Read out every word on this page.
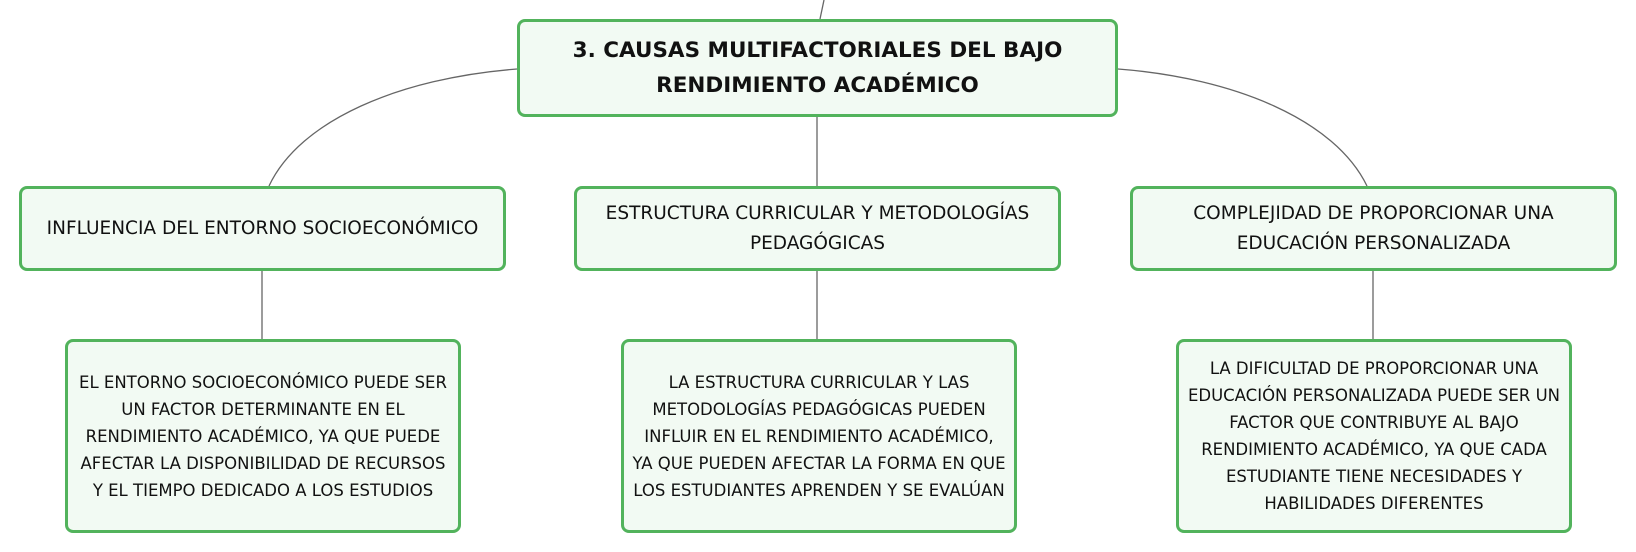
3. CAUSAS MULTIFACTORIALES DEL BAJO RENDIMIENTO ACADÉMICO
INFLUENCIA DEL ENTORNO SOCIOECONÓMICO
ESTRUCTURA CURRICULAR Y METODOLOGÍAS PEDAGÓGICAS
COMPLEJIDAD DE PROPORCIONAR UNA EDUCACIÓN PERSONALIZADA
EL ENTORNO SOCIOECONÓMICO PUEDE SER UN FACTOR DETERMINANTE EN EL RENDIMIENTO ACADÉMICO, YA QUE PUEDE AFECTAR LA DISPONIBILIDAD DE RECURSOS Y EL TIEMPO DEDICADO A LOS ESTUDIOS
LA ESTRUCTURA CURRICULAR Y LAS METODOLOGÍAS PEDAGÓGICAS PUEDEN INFLUIR EN EL RENDIMIENTO ACADÉMICO, YA QUE PUEDEN AFECTAR LA FORMA EN QUE LOS ESTUDIANTES APRENDEN Y SE EVALÚAN
LA DIFICULTAD DE PROPORCIONAR UNA EDUCACIÓN PERSONALIZADA PUEDE SER UN FACTOR QUE CONTRIBUYE AL BAJO RENDIMIENTO ACADÉMICO, YA QUE CADA ESTUDIANTE TIENE NECESIDADES Y HABILIDADES DIFERENTES
